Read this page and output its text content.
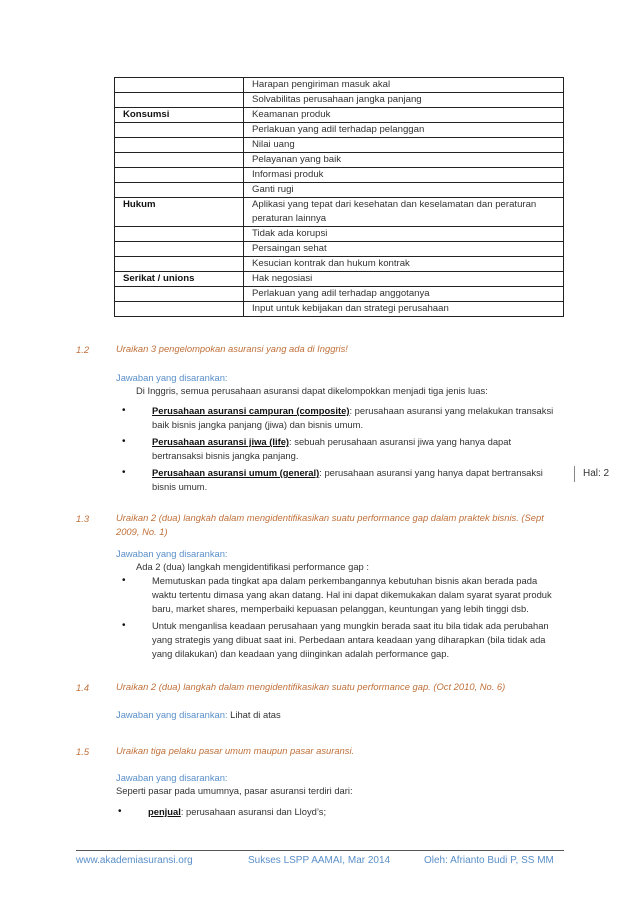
	Harapan pengiriman masuk akal
	Solvabilitas perusahaan jangka panjang
Konsumsi	Keamanan produk
	Perlakuan yang adil terhadap pelanggan
	Nilai uang
	Pelayanan yang baik
	Informasi produk
	Ganti rugi
Hukum	Aplikasi yang tepat dari kesehatan dan keselamatan dan peraturan peraturan lainnya
	Tidak ada korupsi
	Persaingan sehat
	Kesucian kontrak dan hukum kontrak
Serikat / unions	Hak negosiasi
	Perlakuan yang adil terhadap anggotanya
	Input untuk kebijakan dan strategi perusahaan
1.2	Uraikan 3 pengelompokan asuransi yang ada di Inggris!
Jawaban yang disarankan:
Di Inggris, semua perusahaan asuransi dapat dikelompokkan menjadi tiga jenis luas:
•	Perusahaan asuransi campuran (composite): perusahaan asuransi yang melakukan transaksi baik bisnis jangka panjang (jiwa) dan bisnis umum.
•	Perusahaan asuransi jiwa (life): sebuah perusahaan asuransi jiwa yang hanya dapat bertransaksi bisnis jangka panjang.
•	Perusahaan asuransi umum (general): perusahaan asuransi yang hanya dapat bertransaksi bisnis umum.
1.3	Uraikan 2 (dua) langkah dalam mengidentifikasikan suatu performance gap dalam praktek bisnis. (Sept 2009, No. 1)
Jawaban yang disarankan:
Ada 2 (dua) langkah mengidentifikasi performance gap :
•	Memutuskan pada tingkat apa dalam perkembangannya kebutuhan bisnis akan berada pada waktu tertentu dimasa yang akan datang. Hal ini dapat dikemukakan dalam syarat syarat produk baru, market shares, memperbaiki kepuasan pelanggan, keuntungan yang lebih tinggi dsb.
•	Untuk menganlisa keadaan perusahaan yang mungkin berada saat itu bila tidak ada perubahan yang strategis yang dibuat saat ini. Perbedaan antara keadaan yang diharapkan (bila tidak ada yang dilakukan) dan keadaan yang diinginkan adalah performance gap.
1.4	Uraikan 2 (dua) langkah dalam mengidentifikasikan suatu performance gap. (Oct 2010, No. 6)
Jawaban yang disarankan: Lihat di atas
1.5	Uraikan tiga pelaku pasar umum maupun pasar asuransi.
Jawaban yang disarankan:
Seperti pasar pada umumnya, pasar asuransi terdiri dari:
•	penjual: perusahaan asuransi dan Lloyd’s;
Hal: 2
www.akademiasuransi.org	Sukses LSPP AAMAI, Mar 2014	Oleh: Afrianto Budi P, SS MM
